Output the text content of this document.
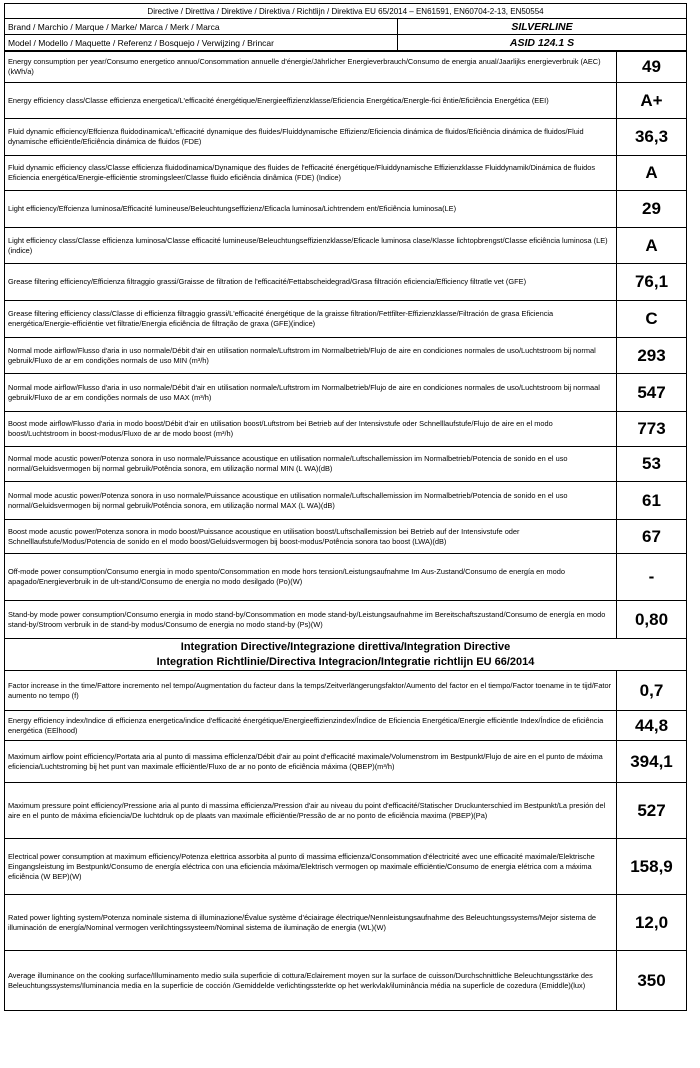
Directive / Direttiva / Direktive / Direktiva / Richtlijn / Direktiva EU 65/2014 – EN61591, EN60704-2-13, EN50554	
Brand / Marchio / Marque / Marke/ Marca / Merk / Marca	SILVERLINE
Model / Modello / Maquette / Referenz / Bosquejo / Verwijzing / Brincar	ASID 124.1 S
Energy consumption per year/Consumo energetico annuo/Consommation annuelle d'énergie/Jährlicher Energieverbrauch/Consumo de energia anual/Jaarlijks energieverbruik (AEC)(kWh/a)	49
Energy efficiency class/Classe efficienza energetica/L'efficacité énergétique/Energieeffizienzklasse/Eficiencia Energética/Energle-fici êntie/Eficiência Energética (EEI)	A+
Fluid dynamic efficiency/Effcienza fluidodinamica/L'efficacité dynamique des fluides/Fluiddynamische Effizienz/Eficiencia dinámica de fluidos/Eficiência dinámica de fluidos/Fluid dynamische efficiëntle/Eficiência dinámica de fluidos (FDE)	36,3
Fluid dynamic efficiency class/Classe efficienza fluidodinamica/Dynamique des fluides de l'efficacité énergétique/Fluiddynamische Effizienzklasse Fluiddynamik/Dinámica de fluidos Eficiencia energética/Energie-efficiëntie stromingsleer/Classe fluido eficiência dinâmica (FDE) (Indice)	A
Light efficiency/Effcienza luminosa/Efficacité lumineuse/Beleuchtungseffizienz/Eficacla luminosa/Lichtrendem ent/Eficiência luminosa(LE)	29
Light efficiency class/Classe efficienza luminosa/Classe efficacité lumineuse/Beleuchtungseffizienzklasse/Eficacle luminosa clase/Klasse lichtopbrengst/Classe eficiência luminosa (LE)(indice)	A
Grease filtering efficiency/Efficienza filtraggio grassi/Graisse de filtration de l'efficacité/Fettabscheidegrad/Grasa filtración eficiencia/Efficiency filtratle vet (GFE)	76,1
Grease filtering efficiency class/Classe di efficienza filtraggio grassi/L'efficacité énergétique de la graisse filtration/Fettfilter-Effizienzklasse/Filtración de grasa Eficiencia energética/Energie-efficiëntie vet filtratie/Energia eficiência de filtração de graxa (GFE)(indice)	C
Normal mode airflow/Flusso d'aria in uso normale/Débit d'air en utilisation normale/Luftstrom im Normalbetrieb/Flujo de aire en condiciones normales de uso/Luchtstroom bij normal gebruik/Fluxo de ar em condições normals de uso MIN (m³/h)	293
Normal mode airflow/Flusso d'aria in uso normale/Débit d'air en utilisation normale/Luftstrom im Normalbetrieb/Flujo de aire en condiciones normales de uso/Luchtstroom bij normaal gebruik/Fluxo de ar em condições normals de uso MAX (m³/h)	547
Boost mode airflow/Flusso d'aria in modo boost/Débit d'air en utilisation boost/Luftstrom bei Betrieb auf der Intensivstufe oder Schnelllaufstufe/Flujo de aire en el modo boost/Luchtstroom in boost-modus/Fluxo de ar de modo boost (m³/h)	773
Normal mode acustic power/Potenza sonora in uso normale/Puissance acoustique en utilisation normale/Luftschallemission im Normalbetrieb/Potencia de sonido en el uso normal/Geluidsvermogen bij normal gebruik/Potência sonora, em utilização normal MIN (L WA)(dB)	53
Normal mode acustic power/Potenza sonora in uso normale/Puissance acoustique en utilisation normale/Luftschallemission im Normalbetrieb/Potencia de sonido en el uso normal/Geluidsvermogen bij normal gebruik/Potência sonora, em utilização normal MAX (L WA)(dB)	61
Boost mode acustic power/Potenza sonora in modo boost/Puissance acoustique en utilisation boost/Luftschallemission bei Betrieb auf der Intensivstufe oder Schnelllaufstufe/Modus/Potencia de sonido en el modo boost/Geluidsvermogen bij boost-modus/Potência sonora tao boost (LWA)(dB)	67
Off-mode power consumption/Consumo energia in modo spento/Consommation en mode hors tension/Leistungsaufnahme Im Aus-Zustand/Consumo de energía en modo apagado/Energieverbruik in de ult-stand/Consumo de energia no modo desilgado (Po)(W)	-
Stand-by mode power consumption/Consumo energia in modo stand-by/Consommation en mode stand-by/Leistungsaufnahme im Bereitschaftszustand/Consumo de energía en modo stand-by/Stroom verbruik in de stand-by modus/Consumo de energia no modo stand-by (Ps)(W)	0,80

Integration Directive/Integrazione direttiva/Integration Directive
Integration Richtlinie/Directiva Integracion/Integratie richtlijn EU 66/2014	

Factor increase in the time/Fattore incremento nel tempo/Augmentation du facteur dans la temps/Zeitverlängerungsfaktor/Aumento del factor en el tiempo/Factor toename in te tijd/Fator aumento no tempo (f)	0,7
Energy efficiency index/Indice di efficienza energetica/indice d'efficacité énergétique/Energieeffizienzindex/Índice de Eficiencia Energética/Energie efficiëntle Index/Índice de eficiência energética (EElhood)	44,8
Maximum airflow point efficiency/Portata aria al punto di massima efficlenza/Débit d'air au point d'efficacité maximale/Volumenstrom im Bestpunkt/Flujo de aire en el punto de máxima eficiencia/Luchtstroming bij het punt van maximale efficiëntle/Fluxo de ar no ponto de eficiência máxima (QBEP)(m³/h)	394,1
Maximum pressure point efficiency/Pressione aria al punto di massima efficienza/Pression d'air au niveau du point d'efficacité/Statischer Druckunterschied im Bestpunkt/La presión del aire en el punto de máxima eficiencia/De luchtdruk op de plaats van maximale efficiëntie/Pressão de ar no ponto de eficiência maxima (PBEP)(Pa)	527
Electrical power consumption at maximum efficiency/Potenza elettrica assorbita al punto di massima efficienza/Consommation d'électricité avec une efficacité maximale/Elektrische Eingangsleistung im Bestpunkt/Consumo de energía eléctrica con una eficiencia máxima/Elektrisch vermogen op maximale efficiëntie/Consumo de energia elétrica com a máxima eficiência (W BEP)(W)	158,9
Rated power lighting system/Potenza nominale sistema di illuminazione/Évalue système d'éciairage électrique/Nennleistungsaufnahme des Beleuchtungssystems/Mejor sistema de illuminación de energía/Nominal vermogen verilchtingssysteem/Nominal sistema de iluminação de energia (WL)(W)	12,0
Average illuminance on the cooking surface/Illuminamento medio suila superficie di cottura/Eclairement moyen sur la surface de cuisson/Durchschnittliche Beleuchtungsstärke des Beleuchtungssystems/Iluminancia media en la superficie de cocción /Gemiddelde verlichtingssterkte op het werkvlak/iluminância média na superficle de cozedura (Emiddle)(lux)	350
